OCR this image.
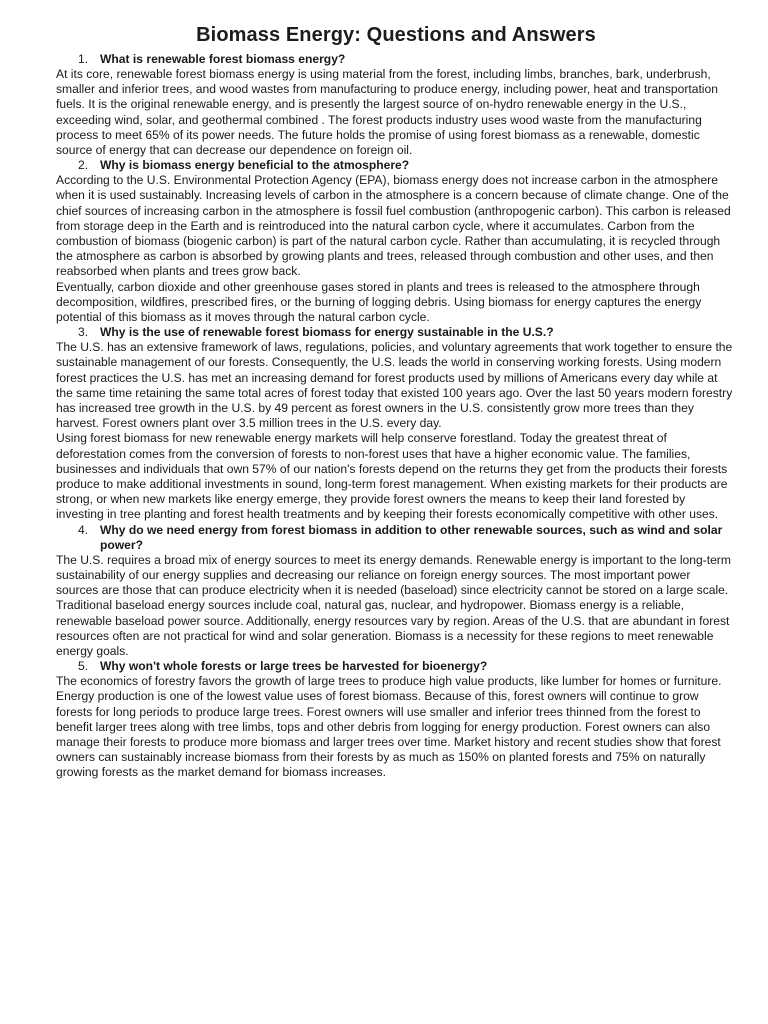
Biomass Energy: Questions and Answers
1. What is renewable forest biomass energy?

At its core, renewable forest biomass energy is using material from the forest, including limbs, branches, bark, underbrush, smaller and inferior trees, and wood wastes from manufacturing to produce energy, including power, heat and transportation fuels. It is the original renewable energy, and is presently the largest source of on-hydro renewable energy in the U.S., exceeding wind, solar, and geothermal combined . The forest products industry uses wood waste from the manufacturing process to meet 65% of its power needs. The future holds the promise of using forest biomass as a renewable, domestic source of energy that can decrease our dependence on foreign oil.

2. Why is biomass energy beneficial to the atmosphere?

According to the U.S. Environmental Protection Agency (EPA), biomass energy does not increase carbon in the atmosphere when it is used sustainably. Increasing levels of carbon in the atmosphere is a concern because of climate change. One of the chief sources of increasing carbon in the atmosphere is fossil fuel combustion (anthropogenic carbon). This carbon is released from storage deep in the Earth and is reintroduced into the natural carbon cycle, where it accumulates. Carbon from the combustion of biomass (biogenic carbon) is part of the natural carbon cycle. Rather than accumulating, it is recycled through the atmosphere as carbon is absorbed by growing plants and trees, released through combustion and other uses, and then reabsorbed when plants and trees grow back.

Eventually, carbon dioxide and other greenhouse gases stored in plants and trees is released to the atmosphere through decomposition, wildfires, prescribed fires, or the burning of logging debris. Using biomass for energy captures the energy potential of this biomass as it moves through the natural carbon cycle.

3. Why is the use of renewable forest biomass for energy sustainable in the U.S.?

The U.S. has an extensive framework of laws, regulations, policies, and voluntary agreements that work together to ensure the sustainable management of our forests. Consequently, the U.S. leads the world in conserving working forests. Using modern forest practices the U.S. has met an increasing demand for forest products used by millions of Americans every day while at the same time retaining the same total acres of forest today that existed 100 years ago. Over the last 50 years modern forestry has increased tree growth in the U.S. by 49 percent as forest owners in the U.S. consistently grow more trees than they harvest. Forest owners plant over 3.5 million trees in the U.S. every day.

Using forest biomass for new renewable energy markets will help conserve forestland. Today the greatest threat of deforestation comes from the conversion of forests to non-forest uses that have a higher economic value. The families, businesses and individuals that own 57% of our nation's forests depend on the returns they get from the products their forests produce to make additional investments in sound, long-term forest management. When existing markets for their products are strong, or when new markets like energy emerge, they provide forest owners the means to keep their land forested by investing in tree planting and forest health treatments and by keeping their forests economically competitive with other uses.

4. Why do we need energy from forest biomass in addition to other renewable sources, such as wind and solar power?

The U.S. requires a broad mix of energy sources to meet its energy demands. Renewable energy is important to the long-term sustainability of our energy supplies and decreasing our reliance on foreign energy sources. The most important power sources are those that can produce electricity when it is needed (baseload) since electricity cannot be stored on a large scale. Traditional baseload energy sources include coal, natural gas, nuclear, and hydropower. Biomass energy is a reliable, renewable baseload power source. Additionally, energy resources vary by region. Areas of the U.S. that are abundant in forest resources often are not practical for wind and solar generation. Biomass is a necessity for these regions to meet renewable energy goals.

5. Why won't whole forests or large trees be harvested for bioenergy?

The economics of forestry favors the growth of large trees to produce high value products, like lumber for homes or furniture. Energy production is one of the lowest value uses of forest biomass. Because of this, forest owners will continue to grow forests for long periods to produce large trees. Forest owners will use smaller and inferior trees thinned from the forest to benefit larger trees along with tree limbs, tops and other debris from logging for energy production. Forest owners can also manage their forests to produce more biomass and larger trees over time. Market history and recent studies show that forest owners can sustainably increase biomass from their forests by as much as 150% on planted forests and 75% on naturally growing forests as the market demand for biomass increases.
